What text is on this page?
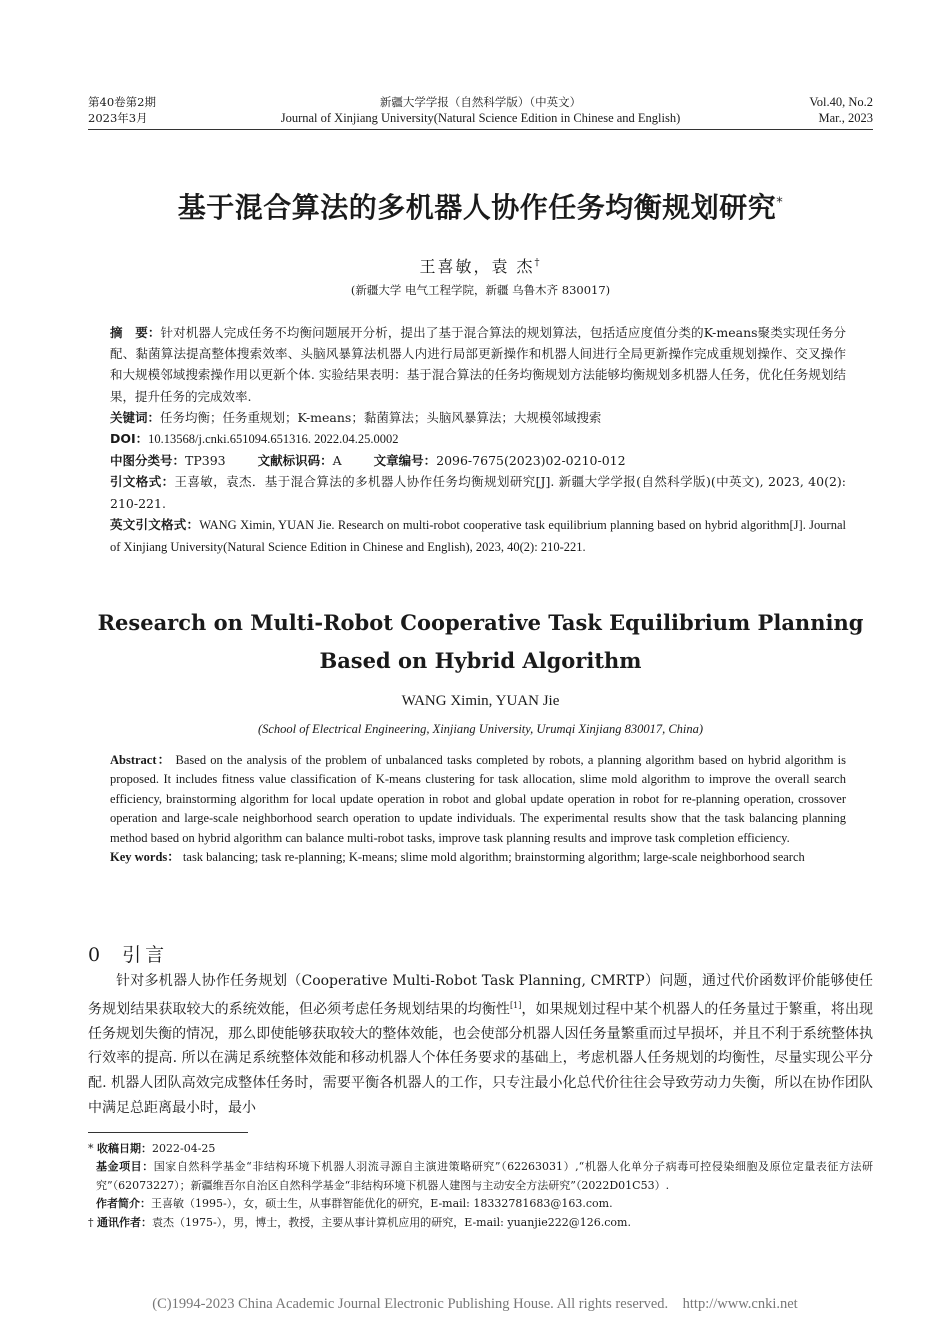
第40卷第2期
2023年3月
新疆大学学报（自然科学版）（中英文）
Journal of Xinjiang University(Natural Science Edition in Chinese and English)
Vol.40, No.2
Mar., 2023
基于混合算法的多机器人协作任务均衡规划研究*
王喜敏，袁 杰†
(新疆大学 电气工程学院，新疆 乌鲁木齐 830017)

摘　要：针对机器人完成任务不均衡问题展开分析，提出了基于混合算法的规划算法，包括适应度值分类的K-means聚类实现任务分配、黏菌算法提高整体搜索效率、头脑风暴算法机器人内进行局部更新操作和机器人间进行全局更新操作完成重规划操作、交叉操作和大规模邻域搜索操作用以更新个体. 实验结果表明：基于混合算法的任务均衡规划方法能够均衡规划多机器人任务，优化任务规划结果，提升任务的完成效率.

关键词：任务均衡；任务重规划；K-means；黏菌算法；头脑风暴算法；大规模邻域搜索

DOI：10.13568/j.cnki.651094.651316. 2022.04.25.0002

中图分类号：TP393	文献标识码：A	文章编号：2096-7675(2023)02-0210-012

引文格式：王喜敏，袁杰．基于混合算法的多机器人协作任务均衡规划研究[J]. 新疆大学学报(自然科学版)(中英文), 2023, 40(2): 210-221.

英文引文格式：WANG Ximin, YUAN Jie. Research on multi-robot cooperative task equilibrium planning based on hybrid algorithm[J]. Journal of Xinjiang University(Natural Science Edition in Chinese and English), 2023, 40(2): 210-221.

Research on Multi-Robot Cooperative Task Equilibrium Planning
Based on Hybrid Algorithm
WANG Ximin, YUAN Jie
(School of Electrical Engineering, Xinjiang University, Urumqi Xinjiang 830017, China)

Abstract： Based on the analysis of the problem of unbalanced tasks completed by robots, a planning algorithm based on hybrid algorithm is proposed. It includes fitness value classification of K-means clustering for task allocation, slime mold algorithm to improve the overall search efficiency, brainstorming algorithm for local update operation in robot and global update operation in robot for re-planning operation, crossover operation and large-scale neighborhood search operation to update individuals. The experimental results show that the task balancing planning method based on hybrid algorithm can balance multi-robot tasks, improve task planning results and improve task completion efficiency.

Key words： task balancing; task re-planning; K-means; slime mold algorithm; brainstorming algorithm; large-scale neighborhood search

0 引言

针对多机器人协作任务规划（Cooperative Multi-Robot Task Planning, CMRTP）问题，通过代价函数评价能够使任务规划结果获取较大的系统效能，但必须考虑任务规划结果的均衡性[1]，如果规划过程中某个机器人的任务量过于繁重，将出现任务规划失衡的情况，那么即使能够获取较大的整体效能，也会使部分机器人因任务量繁重而过早损坏，并且不利于系统整体执行效率的提高. 所以在满足系统整体效能和移动机器人个体任务要求的基础上，考虑机器人任务规划的均衡性，尽量实现公平分配. 机器人团队高效完成整体任务时，需要平衡各机器人的工作，只专注最小化总代价往往会导致劳动力失衡，所以在协作团队中满足总距离最小时，最小

* 收稿日期：2022-04-25

基金项目：国家自然科学基金“非结构环境下机器人羽流寻源自主演进策略研究”（62263031）,“机器人化单分子病毒可控侵染细胞及原位定量表征方法研究”（62073227）；新疆维吾尔自治区自然科学基金“非结构环境下机器人建图与主动安全方法研究”（2022D01C53）.

作者简介：王喜敏（1995-），女，硕士生，从事群智能优化的研究，E-mail: 18332781683@163.com.

† 通讯作者：袁杰（1975-），男，博士，教授，主要从事计算机应用的研究，E-mail: yuanjie222@126.com.

(C)1994-2023 China Academic Journal Electronic Publishing House. All rights reserved.    http://www.cnki.net
